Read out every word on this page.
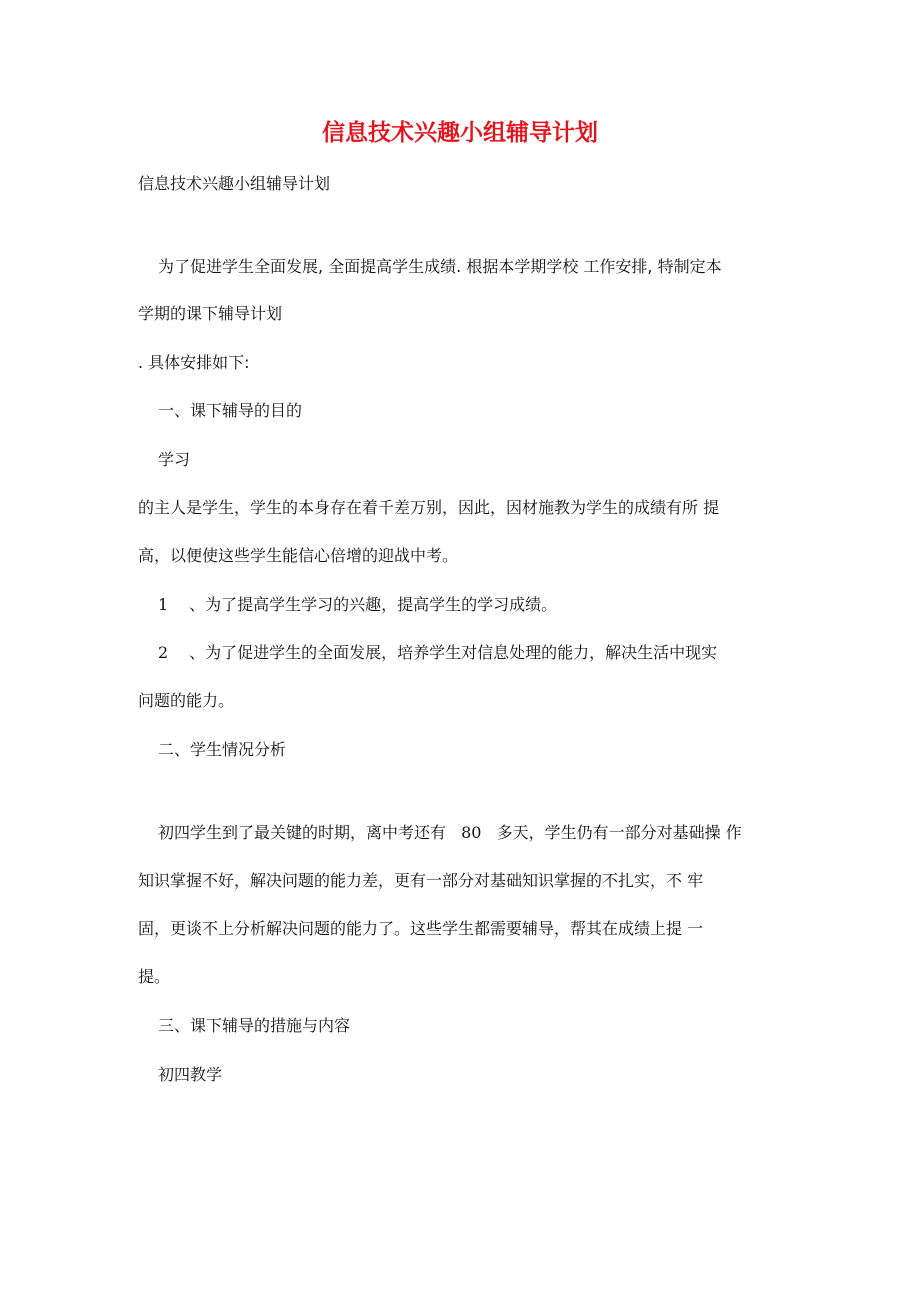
信息技术兴趣小组辅导计划
信息技术兴趣小组辅导计划
为了促进学生全面发展, 全面提高学生成绩. 根据本学期学校 工作安排, 特制定本
学期的课下辅导计划
. 具体安排如下:
一、课下辅导的目的
学习
的主人是学生，学生的本身存在着千差万别，因此，因材施教为学生的成绩有所 提
高，以便使这些学生能信心倍增的迎战中考。
1 、为了提高学生学习的兴趣，提高学生的学习成绩。
2 、为了促进学生的全面发展，培养学生对信息处理的能力，解决生活中现实
问题的能力。
二、学生情况分析
初四学生到了最关键的时期，离中考还有 80 多天，学生仍有一部分对基础操 作
知识掌握不好，解决问题的能力差，更有一部分对基础知识掌握的不扎实，不 牢
固，更谈不上分析解决问题的能力了。这些学生都需要辅导，帮其在成绩上提 一
提。
三、课下辅导的措施与内容
初四教学
